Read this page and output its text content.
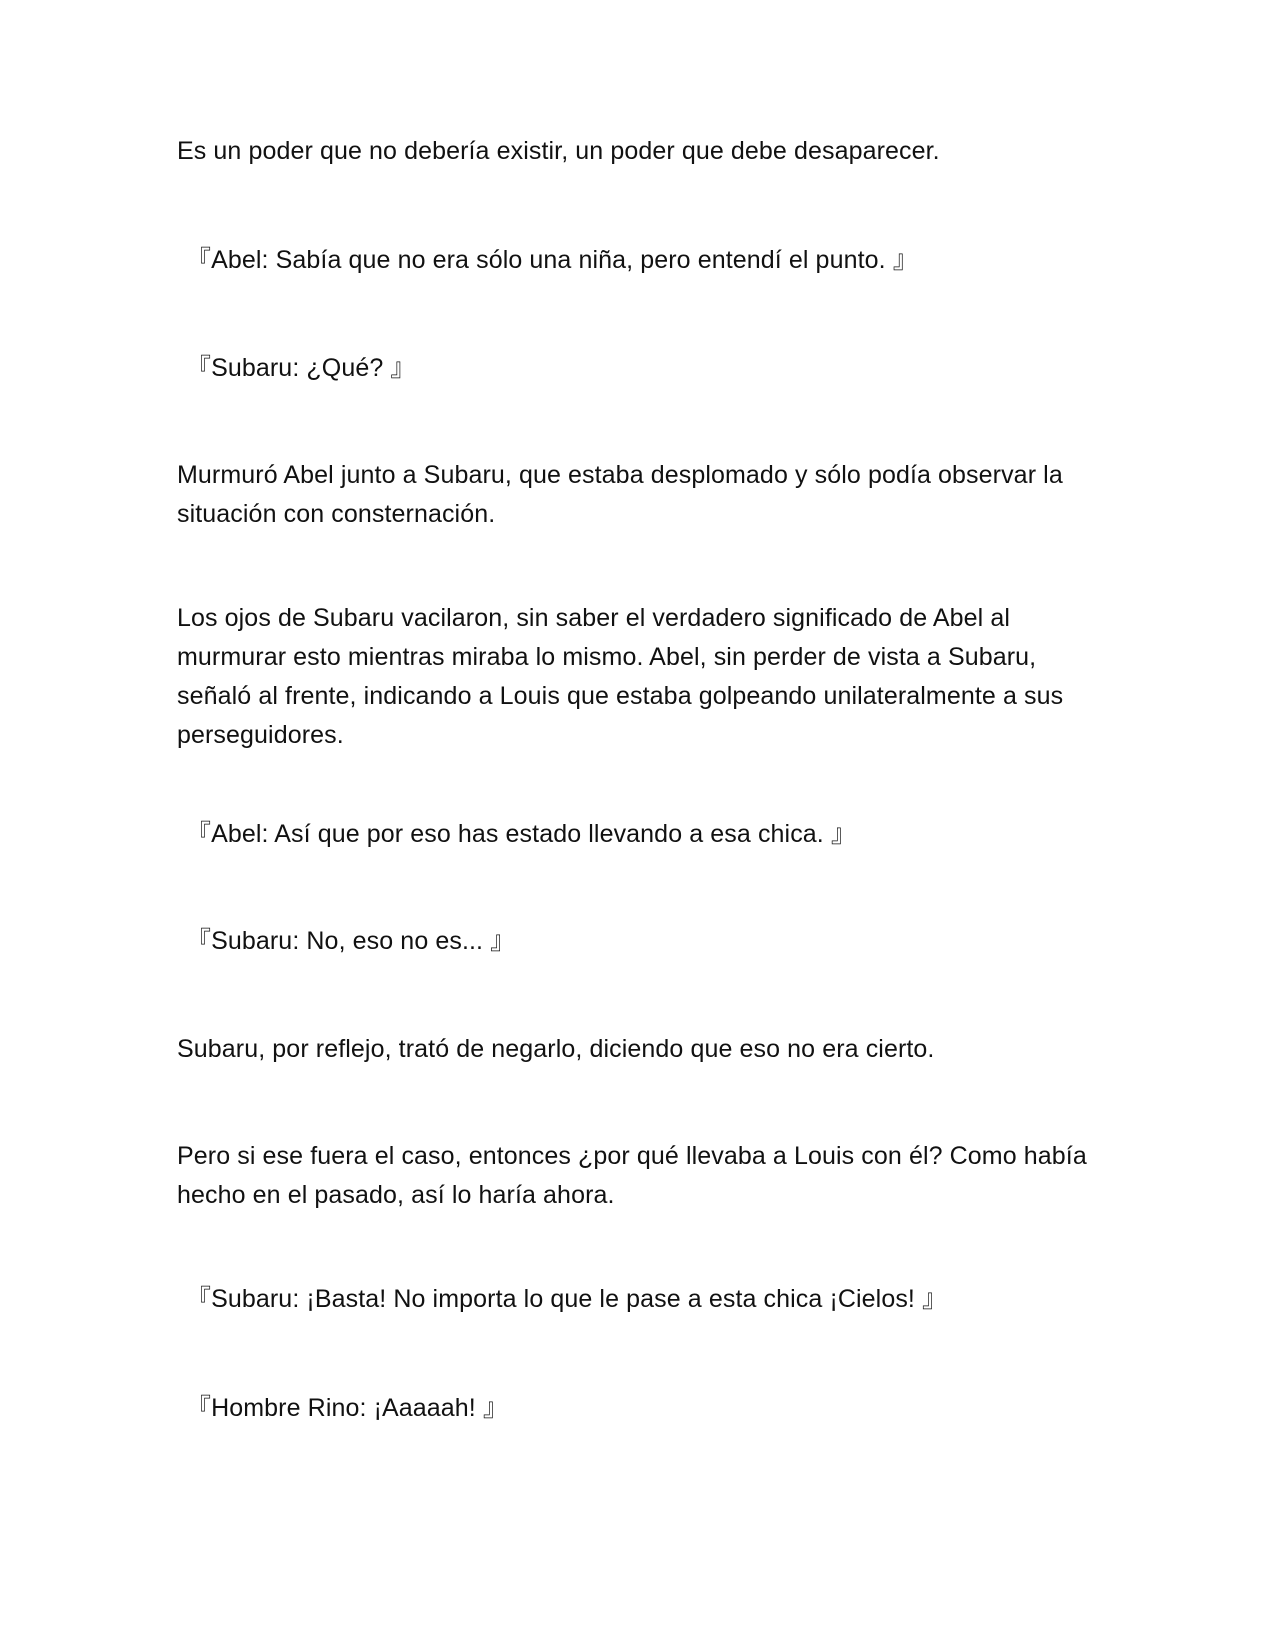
Es un poder que no debería existir, un poder que debe desaparecer.

『Abel: Sabía que no era sólo una niña, pero entendí el punto. 』

『Subaru: ¿Qué? 』

Murmuró Abel junto a Subaru, que estaba desplomado y sólo podía observar la situación con consternación.

Los ojos de Subaru vacilaron, sin saber el verdadero significado de Abel al murmurar esto mientras miraba lo mismo. Abel, sin perder de vista a Subaru, señaló al frente, indicando a Louis que estaba golpeando unilateralmente a sus perseguidores.

『Abel: Así que por eso has estado llevando a esa chica. 』

『Subaru: No, eso no es... 』

Subaru, por reflejo, trató de negarlo, diciendo que eso no era cierto.

Pero si ese fuera el caso, entonces ¿por qué llevaba a Louis con él? Como había hecho en el pasado, así lo haría ahora.

『Subaru: ¡Basta! No importa lo que le pase a esta chica ¡Cielos! 』

『Hombre Rino: ¡Aaaaah! 』
